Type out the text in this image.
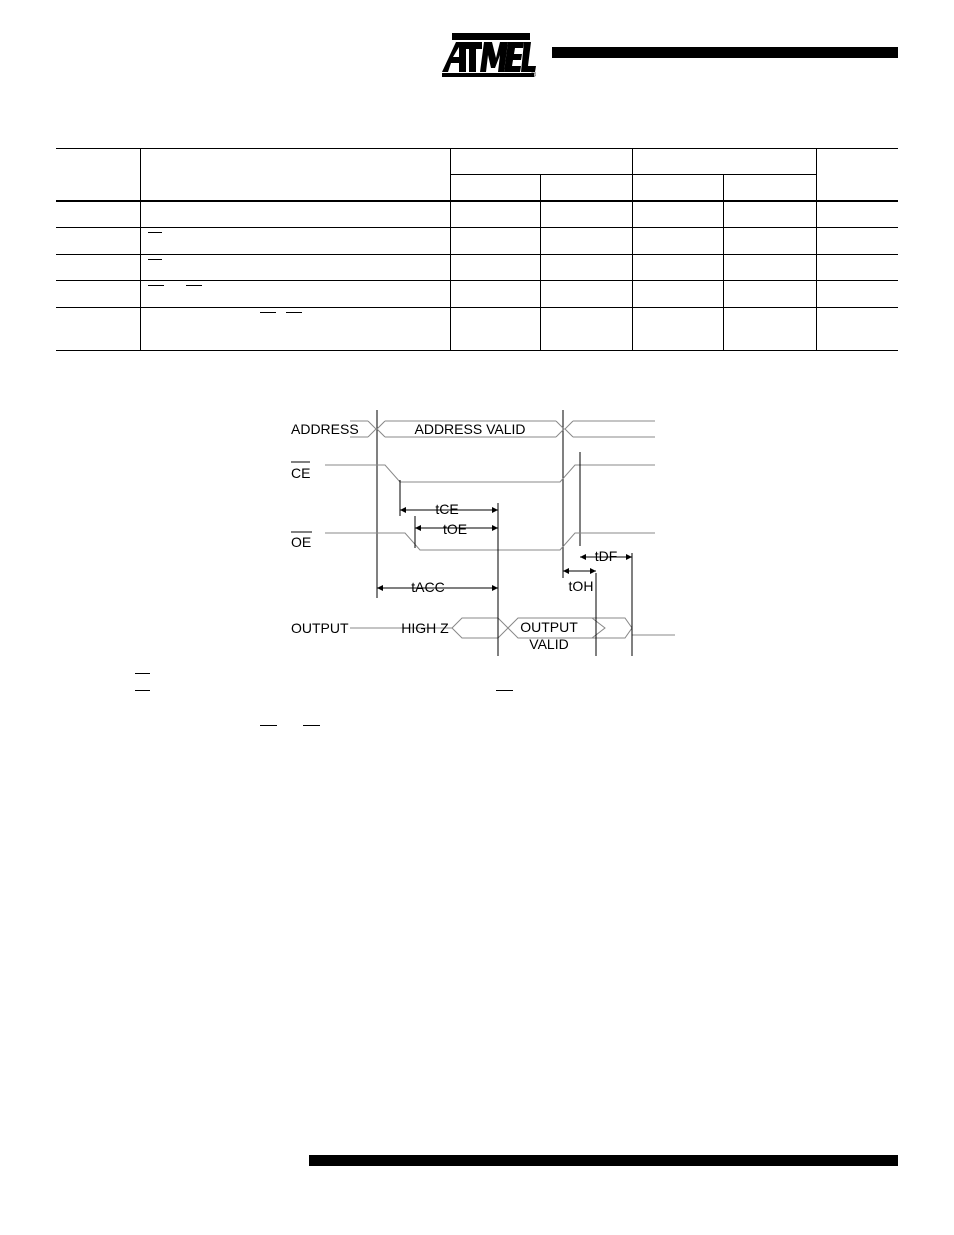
®
ADDRESS
CE
OE
OUTPUT
ADDRESS VALID
HIGH Z	OUTPUT
VALID
tCE
tOE
tACC
tDF
tOH
